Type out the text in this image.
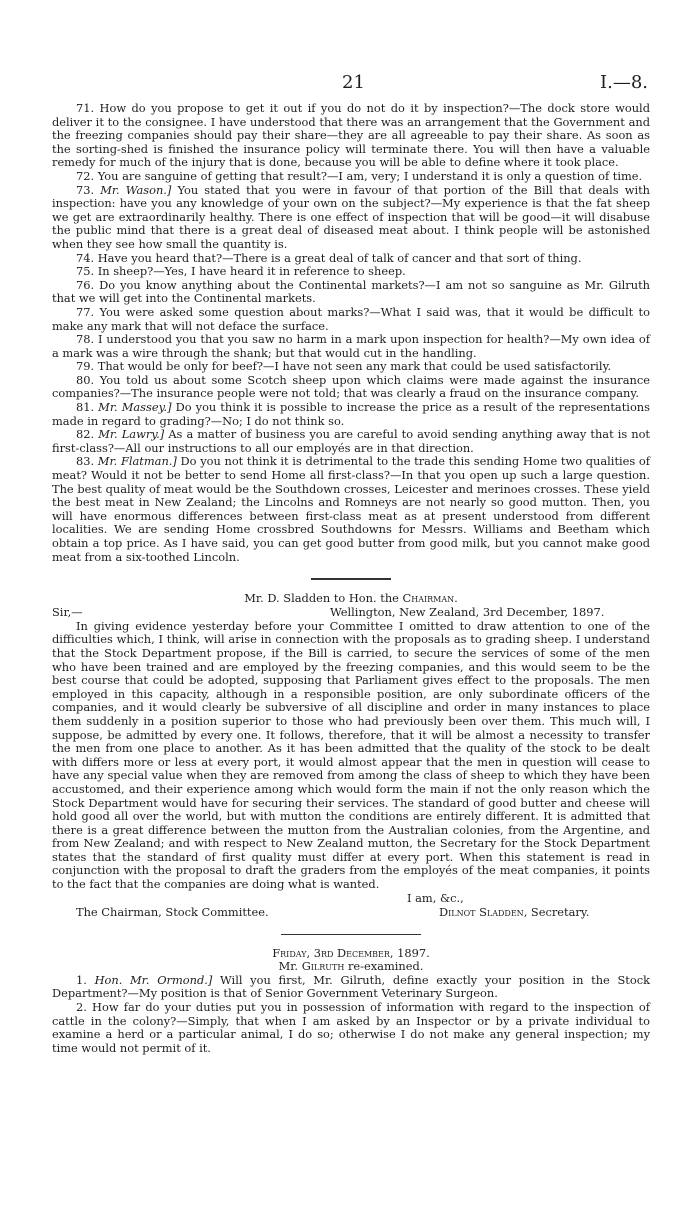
21	I.—8.

71. How do you propose to get it out if you do not do it by inspection?—The dock store would deliver it to the consignee. I have understood that there was an arrangement that the Government and the freezing companies should pay their share—they are all agreeable to pay their share. As soon as the sorting-shed is finished the insurance policy will terminate there. You will then have a valuable remedy for much of the injury that is done, because you will be able to define where it took place.

72. You are sanguine of getting that result?—I am, very; I understand it is only a question of time.

73. Mr. Wason.] You stated that you were in favour of that portion of the Bill that deals with inspection: have you any knowledge of your own on the subject?—My experience is that the fat sheep we get are extraordinarily healthy. There is one effect of inspection that will be good—it will disabuse the public mind that there is a great deal of diseased meat about. I think people will be astonished when they see how small the quantity is.

74. Have you heard that?—There is a great deal of talk of cancer and that sort of thing.

75. In sheep?—Yes, I have heard it in reference to sheep.

76. Do you know anything about the Continental markets?—I am not so sanguine as Mr. Gilruth that we will get into the Continental markets.

77. You were asked some question about marks?—What I said was, that it would be difficult to make any mark that will not deface the surface.

78. I understood you that you saw no harm in a mark upon inspection for health?—My own idea of a mark was a wire through the shank; but that would cut in the handling.

79. That would be only for beef?—I have not seen any mark that could be used satisfactorily.

80. You told us about some Scotch sheep upon which claims were made against the insurance companies?—The insurance people were not told; that was clearly a fraud on the insurance company.

81. Mr. Massey.] Do you think it is possible to increase the price as a result of the representations made in regard to grading?—No; I do not think so.

82. Mr. Lawry.] As a matter of business you are careful to avoid sending anything away that is not first-class?—All our instructions to all our employés are in that direction.

83. Mr. Flatman.] Do you not think it is detrimental to the trade this sending Home two qualities of meat? Would it not be better to send Home all first-class?—In that you open up such a large question. The best quality of meat would be the Southdown crosses, Leicester and merinoes crosses. These yield the best meat in New Zealand; the Lincolns and Romneys are not nearly so good mutton. Then, you will have enormous differences between first-class meat as at present understood from different localities. We are sending Home crossbred Southdowns for Messrs. Williams and Beetham which obtain a top price. As I have said, you can get good butter from good milk, but you cannot make good meat from a six-toothed Lincoln.

Mr. D. Sladden to Hon. the Chairman.

Sir,—	Wellington, New Zealand, 3rd December, 1897.

In giving evidence yesterday before your Committee I omitted to draw attention to one of the difficulties which, I think, will arise in connection with the proposals as to grading sheep. I understand that the Stock Department propose, if the Bill is carried, to secure the services of some of the men who have been trained and are employed by the freezing companies, and this would seem to be the best course that could be adopted, supposing that Parliament gives effect to the proposals. The men employed in this capacity, although in a responsible position, are only subordinate officers of the companies, and it would clearly be subversive of all discipline and order in many instances to place them suddenly in a position superior to those who had previously been over them. This much will, I suppose, be admitted by every one. It follows, therefore, that it will be almost a necessity to transfer the men from one place to another. As it has been admitted that the quality of the stock to be dealt with differs more or less at every port, it would almost appear that the men in question will cease to have any special value when they are removed from among the class of sheep to which they have been accustomed, and their experience among which would form the main if not the only reason which the Stock Department would have for securing their services. The standard of good butter and cheese will hold good all over the world, but with mutton the conditions are entirely different. It is admitted that there is a great difference between the mutton from the Australian colonies, from the Argentine, and from New Zealand; and with respect to New Zealand mutton, the Secretary for the Stock Department states that the standard of first quality must differ at every port. When this statement is read in conjunction with the proposal to draft the graders from the employés of the meat companies, it points to the fact that the companies are doing what is wanted.

I am, &c.,
The Chairman, Stock Committee.	Dilnot Sladden, Secretary.

Friday, 3rd December, 1897.

Mr. Gilruth re-examined.

1. Hon. Mr. Ormond.] Will you first, Mr. Gilruth, define exactly your position in the Stock Department?—My position is that of Senior Government Veterinary Surgeon.

2. How far do your duties put you in possession of information with regard to the inspection of cattle in the colony?—Simply, that when I am asked by an Inspector or by a private individual to examine a herd or a particular animal, I do so; otherwise I do not make any general inspection; my time would not permit of it.
